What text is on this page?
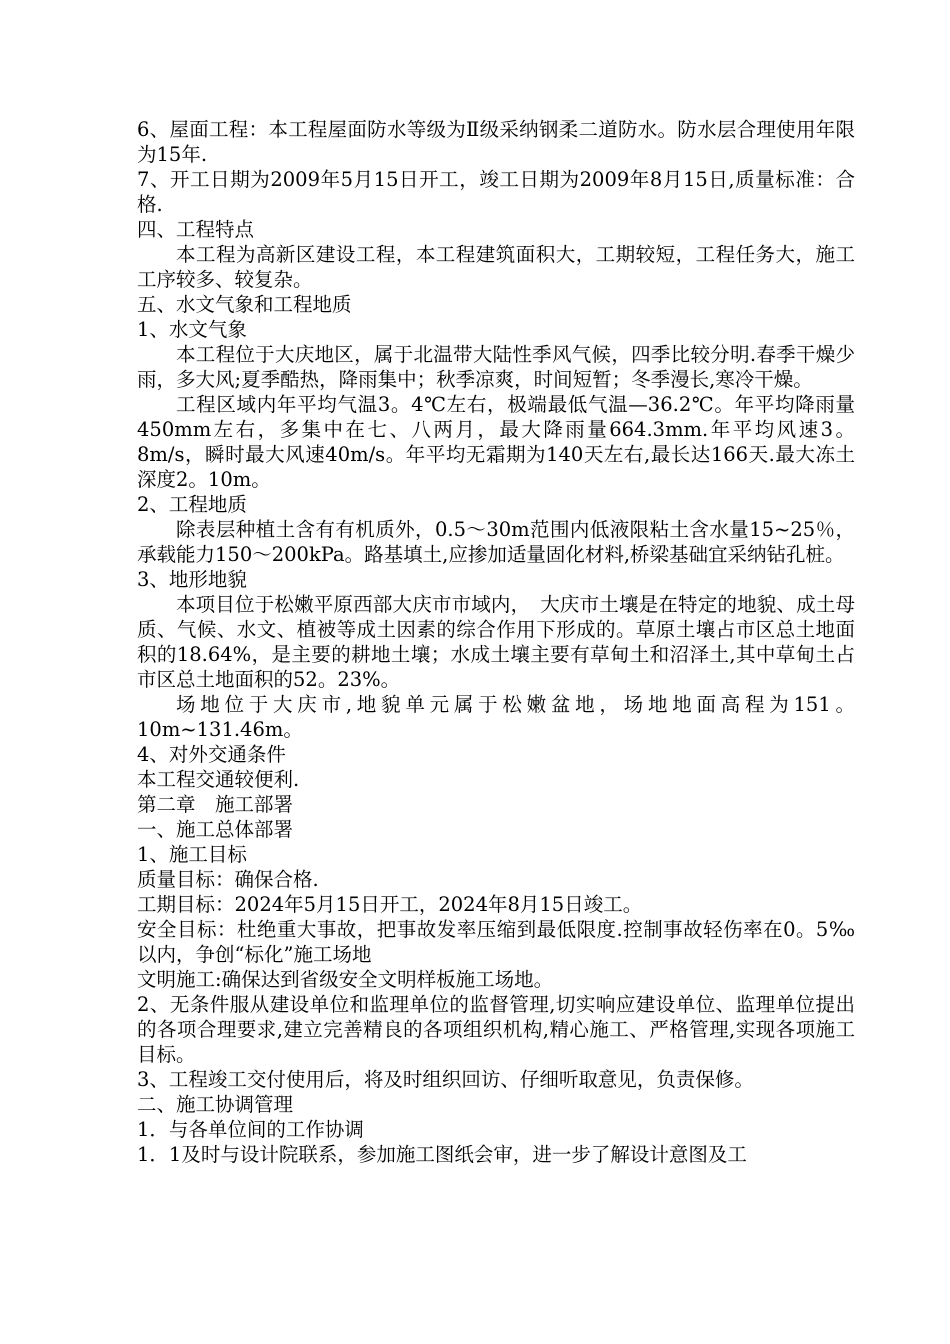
6、屋面工程：本工程屋面防水等级为Ⅱ级采纳钢柔二道防水。防水层合理使用年限为15年.

7、开工日期为2009年5月15日开工，竣工日期为2009年8月15日,质量标准：合格.

四、工程特点

本工程为高新区建设工程，本工程建筑面积大，工期较短，工程任务大，施工工序较多、较复杂。

五、水文气象和工程地质

1、水文气象

本工程位于大庆地区，属于北温带大陆性季风气候，四季比较分明.春季干燥少雨，多大风;夏季酷热，降雨集中；秋季凉爽，时间短暂；冬季漫长,寒冷干燥。

工程区域内年平均气温3。4℃左右，极端最低气温—36.2℃。年平均降雨量450mm左右，多集中在七、八两月，最大降雨量664.3mm.年平均风速3。8m/s，瞬时最大风速40m/s。年平均无霜期为140天左右,最长达166天.最大冻土深度2。10m。

2、工程地质

除表层种植土含有有机质外，0.5～30m范围内低液限粘土含水量15~25％，承载能力150～200kPa。路基填土,应掺加适量固化材料,桥梁基础宜采纳钻孔桩。

3、地形地貌

本项目位于松嫩平原西部大庆市市域内，　大庆市土壤是在特定的地貌、成土母质、气候、水文、植被等成土因素的综合作用下形成的。草原土壤占市区总土地面积的18.64%，是主要的耕地土壤；水成土壤主要有草甸土和沼泽土,其中草甸土占市区总土地面积的52。23%。

场地位于大庆市,地貌单元属于松嫩盆地，场地地面高程为151。10m~131.46m。

4、对外交通条件

本工程交通较便利.

第二章　施工部署

一、施工总体部署

1、施工目标

质量目标：确保合格.

工期目标：2024年5月15日开工，2024年8月15日竣工。

安全目标：杜绝重大事故，把事故发率压缩到最低限度.控制事故轻伤率在0。5‰以内，争创“标化”施工场地

文明施工:确保达到省级安全文明样板施工场地。

2、无条件服从建设单位和监理单位的监督管理,切实响应建设单位、监理单位提出的各项合理要求,建立完善精良的各项组织机构,精心施工、严格管理,实现各项施工目标。

3、工程竣工交付使用后，将及时组织回访、仔细听取意见，负责保修。

二、施工协调管理

1．与各单位间的工作协调

1．1及时与设计院联系，参加施工图纸会审，进一步了解设计意图及工
